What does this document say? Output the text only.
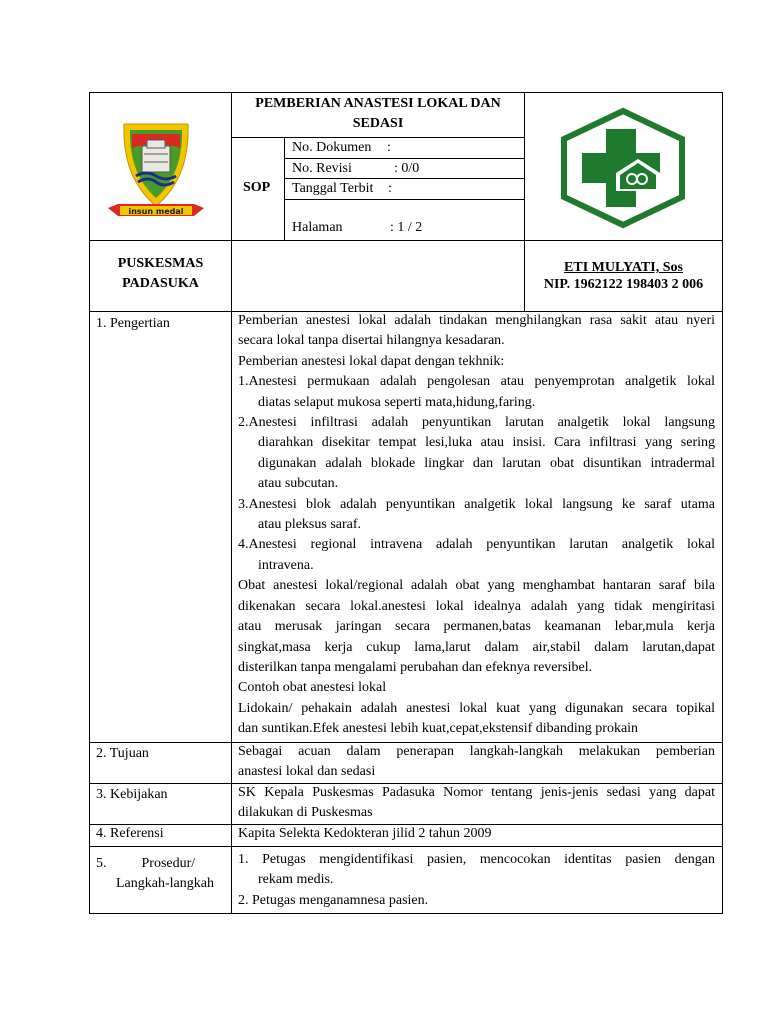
insun medal
PEMBERIAN ANASTESI LOKAL DAN
SEDASI
SOP
No. Dokumen :
No. Revisi	: 0/0
Tanggal Terbit :
Halaman	: 1 / 2
PUSKESMAS
PADASUKA
ETI MULYATI, Sos
NIP. 1962122 198403 2 006
1. Pengertian
2. Tujuan
3. Kebijakan
4. Referensi
5.          Prosedur/
Langkah-langkah
Pemberian anestesi lokal adalah tindakan menghilangkan rasa sakit atau nyeri
secara lokal tanpa disertai hilangnya kesadaran.
Pemberian anestesi lokal dapat dengan tekhnik:
1.Anestesi permukaan adalah pengolesan atau penyemprotan analgetik lokal
diatas selaput mukosa seperti mata,hidung,faring.
2.Anestesi infiltrasi adalah penyuntikan larutan analgetik lokal langsung
diarahkan disekitar tempat lesi,luka atau insisi. Cara infiltrasi yang sering
digunakan adalah blokade lingkar dan larutan obat disuntikan intradermal
atau subcutan.
3.Anestesi blok adalah penyuntikan analgetik lokal langsung ke saraf utama
atau pleksus saraf.
4.Anestesi regional intravena adalah penyuntikan larutan analgetik lokal
intravena.
Obat anestesi lokal/regional adalah obat yang menghambat hantaran saraf bila
dikenakan secara lokal.anestesi lokal idealnya adalah yang tidak mengiritasi
atau merusak jaringan secara permanen,batas keamanan lebar,mula kerja
singkat,masa kerja cukup lama,larut dalam air,stabil dalam larutan,dapat
disterilkan tanpa mengalami perubahan dan efeknya reversibel.
Contoh obat anestesi lokal
Lidokain/ pehakain adalah anestesi lokal kuat yang digunakan secara topikal
dan suntikan.Efek anestesi lebih kuat,cepat,ekstensif dibanding prokain
Sebagai acuan dalam penerapan langkah-langkah melakukan pemberian
anastesi lokal dan sedasi
SK Kepala Puskesmas Padasuka Nomor tentang jenis-jenis sedasi yang dapat
dilakukan di Puskesmas
Kapita Selekta Kedokteran jilid 2 tahun 2009
1. Petugas mengidentifikasi pasien, mencocokan identitas pasien dengan
rekam medis.
2. Petugas menganamnesa pasien.
